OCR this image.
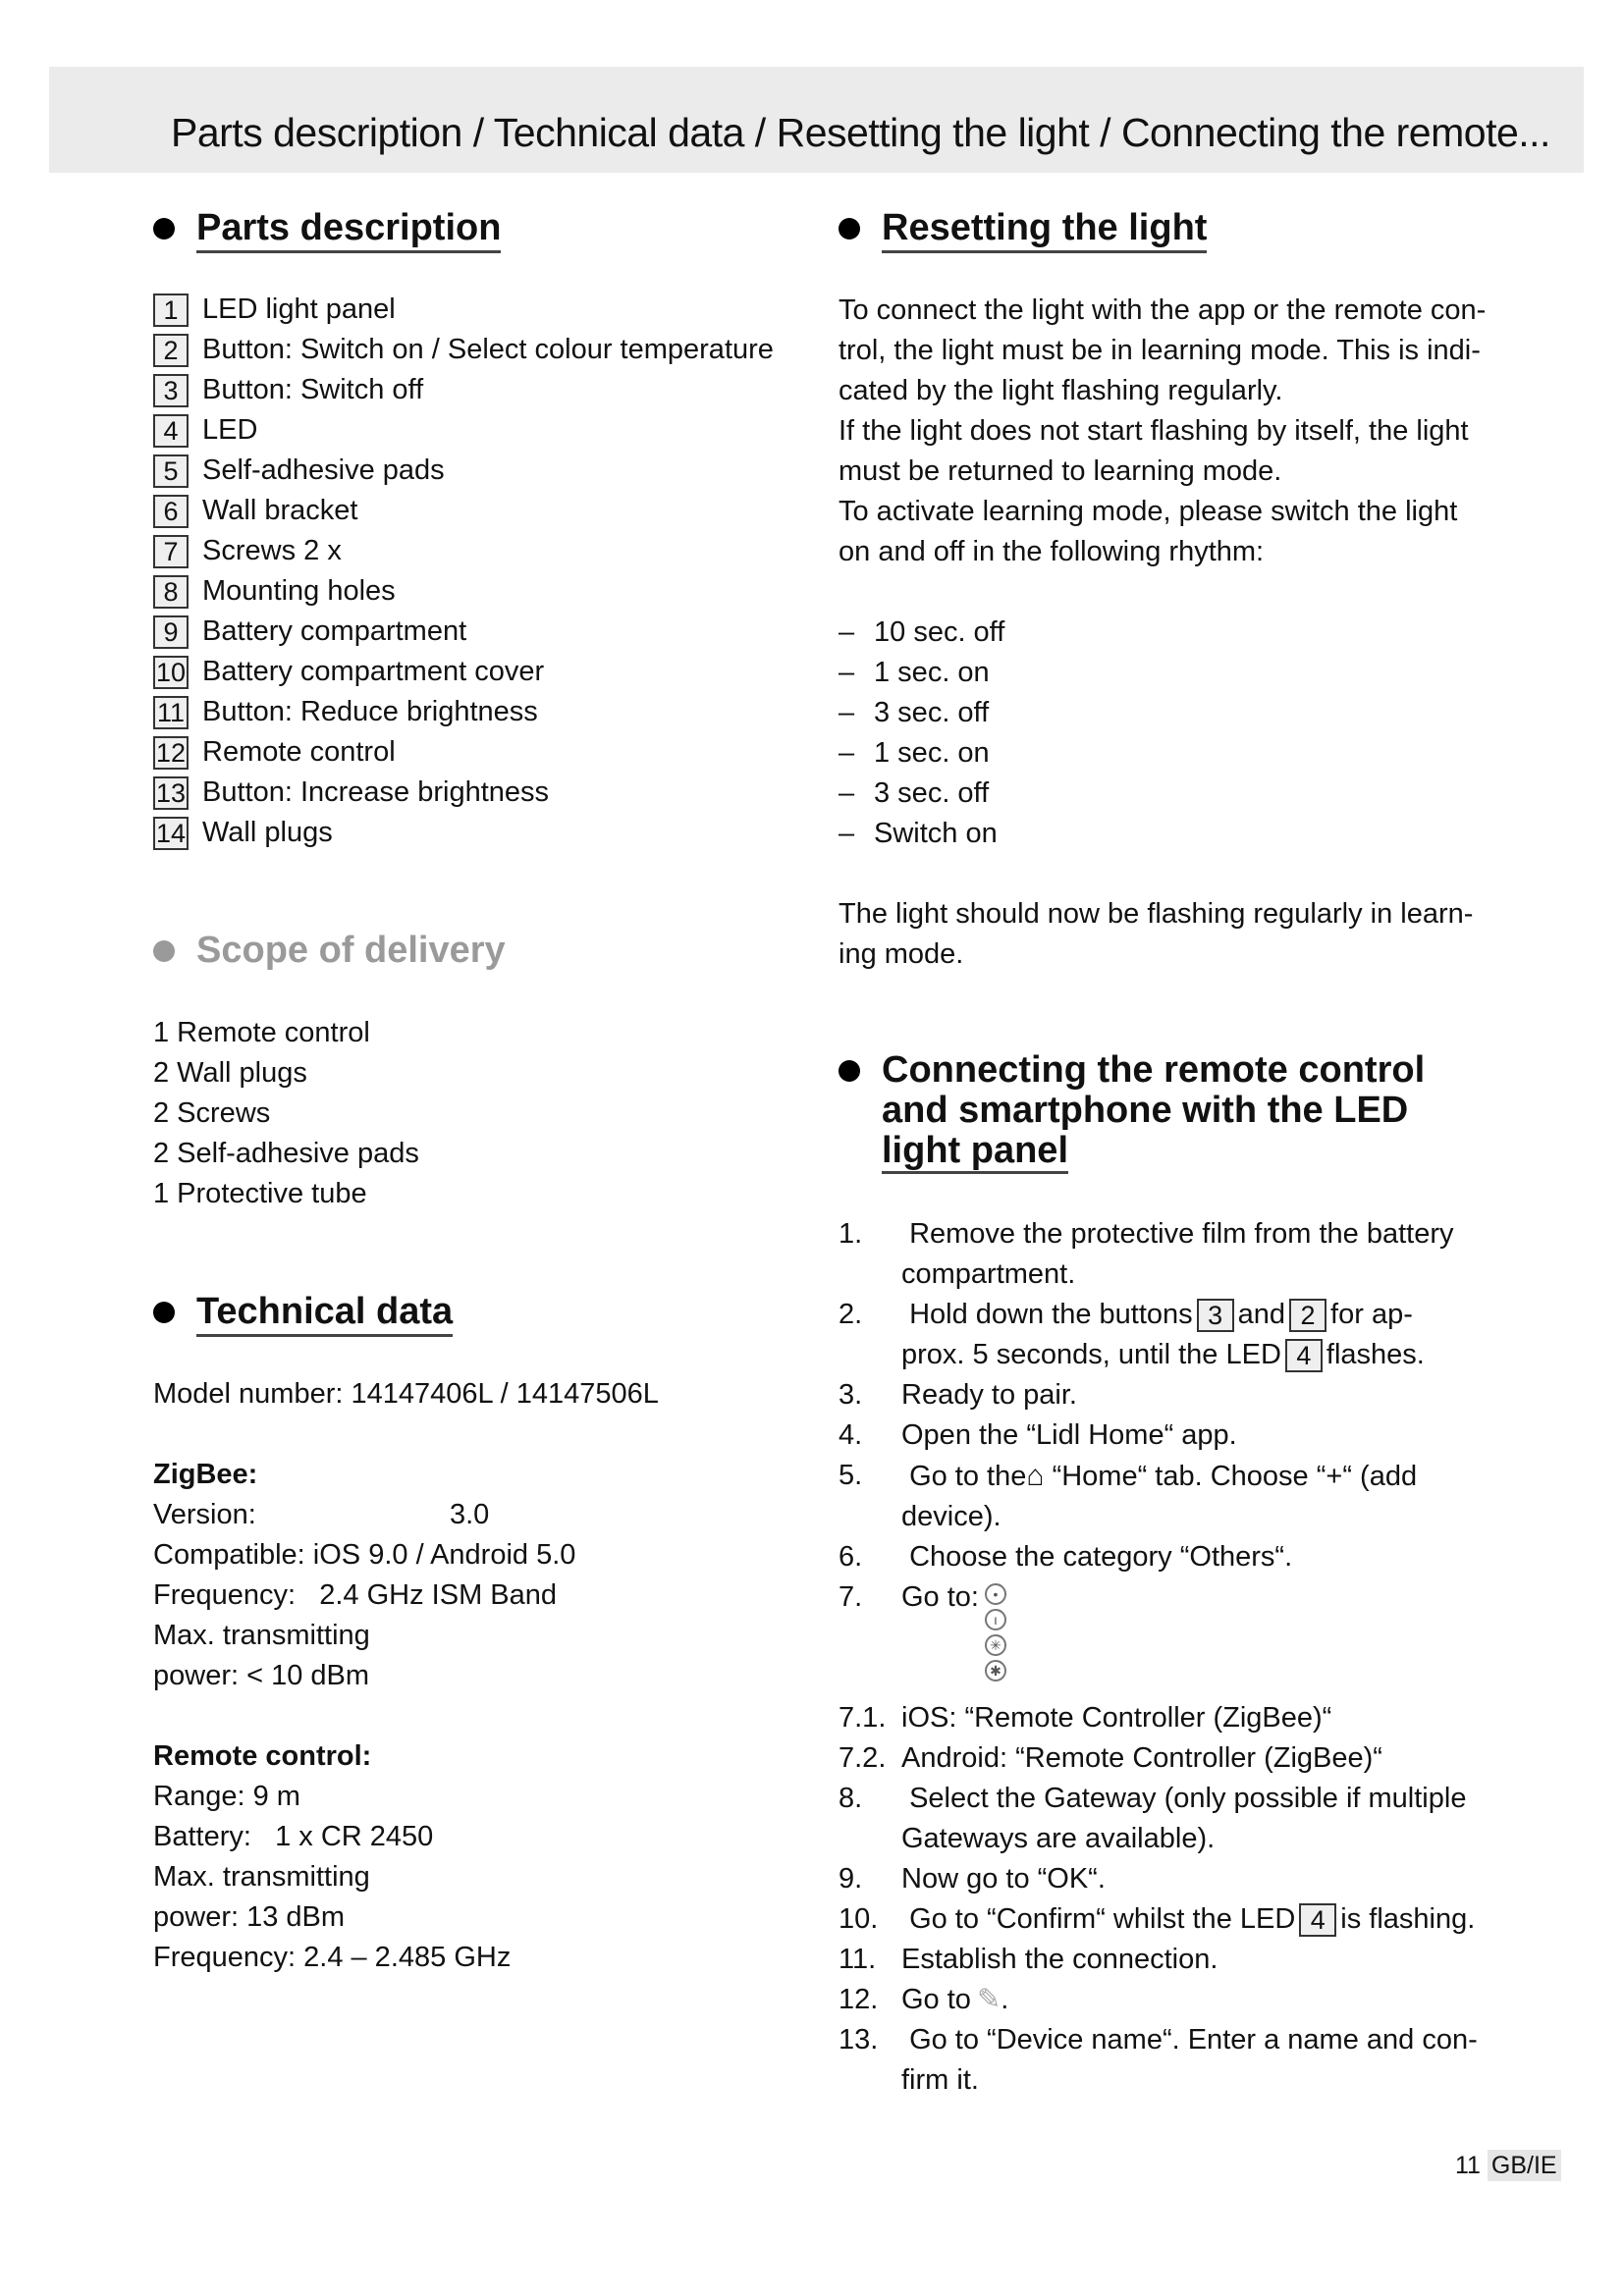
Parts description / Technical data / Resetting the light / Connecting the remote...
Parts description
1 LED light panel
2 Button: Switch on / Select colour temperature
3 Button: Switch off
4 LED
5 Self-adhesive pads
6 Wall bracket
7 Screws 2 x
8 Mounting holes
9 Battery compartment
10 Battery compartment cover
11 Button: Reduce brightness
12 Remote control
13 Button: Increase brightness
14 Wall plugs
Scope of delivery
1 Remote control
2 Wall plugs
2 Screws
2 Self-adhesive pads
1 Protective tube
Technical data
Model number: 14147406L / 14147506L
ZigBee:
Version:	3.0
Compatible: iOS 9.0 / Android 5.0
Frequency:   2.4 GHz ISM Band
Max. transmitting
power: < 10 dBm
Remote control:
Range: 9 m
Battery:   1 x CR 2450
Max. transmitting
power: 13 dBm
Frequency: 2.4 – 2.485 GHz
Resetting the light
To connect the light with the app or the remote con-
trol, the light must be in learning mode. This is indi-
cated by the light flashing regularly.
If the light does not start flashing by itself, the light
must be returned to learning mode.
To activate learning mode, please switch the light
on and off in the following rhythm:
– 10 sec. off
– 1 sec. on
– 3 sec. off
– 1 sec. on
– 3 sec. off
– Switch on
The light should now be flashing regularly in learn-
ing mode.
Connecting the remote control
and smartphone with the LED
light panel
1.	Remove the protective film from the battery
compartment.
2.	Hold down the buttons 3 and 2 for ap-
prox. 5 seconds, until the LED 4 flashes.
3.	Ready to pair.
4.	Open the “Lidl Home“ app.
5.	Go to the⌂ “Home“ tab. Choose “+“ (add
device).
6.	Choose the category “Others“.
7.	Go to:	•
ı
✳
✱
7.1. iOS: “Remote Controller (ZigBee)“
7.2. Android: “Remote Controller (ZigBee)“
8.	Select the Gateway (only possible if multiple
Gateways are available).
9.	Now go to “OK“.
10.	Go to “Confirm“ whilst the LED 4 is flashing.
11. Establish the connection.
12. Go to ✎ .
13.	Go to “Device name“. Enter a name and con-
firm it.
11 GB/IE
